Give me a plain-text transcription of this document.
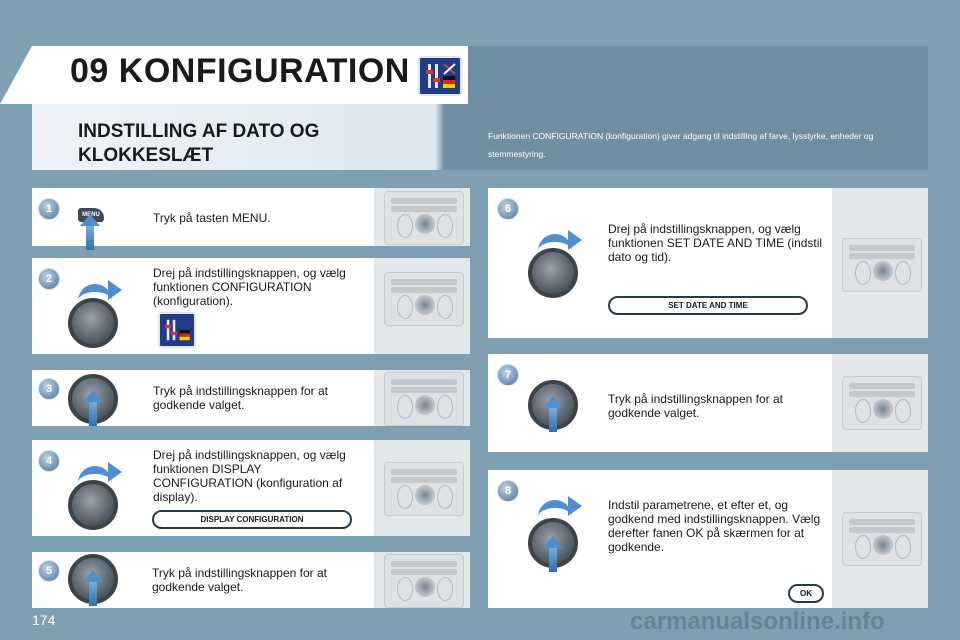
09 KONFIGURATION
INDSTILLING AF DATO OG KLOKKESLÆT
Funktionen CONFIGURATION (konfiguration) giver adgang til indstilling af farve, lysstyrke, enheder og stemmestyring.
1
Tryk på tasten MENU.
2	Drej på indstillingsknappen, og vælg funktionen CONFIGURATION (konfiguration).
3	Tryk på indstillingsknappen for at godkende valget.
4	Drej på indstillingsknappen, og vælg funktionen DISPLAY CONFIGURATION (konfiguration af display).
DISPLAY CONFIGURATION
5	Tryk på indstillingsknappen for at godkende valget.
6
Drej på indstillingsknappen, og vælg funktionen SET DATE AND TIME (indstil dato og tid).
SET DATE AND TIME
7
Tryk på indstillingsknappen for at godkende valget.
8
Indstil parametrene, et efter et, og godkend med indstillingsknappen. Vælg derefter fanen OK på skærmen for at godkende.
OK
174	carmanualsonline.info
